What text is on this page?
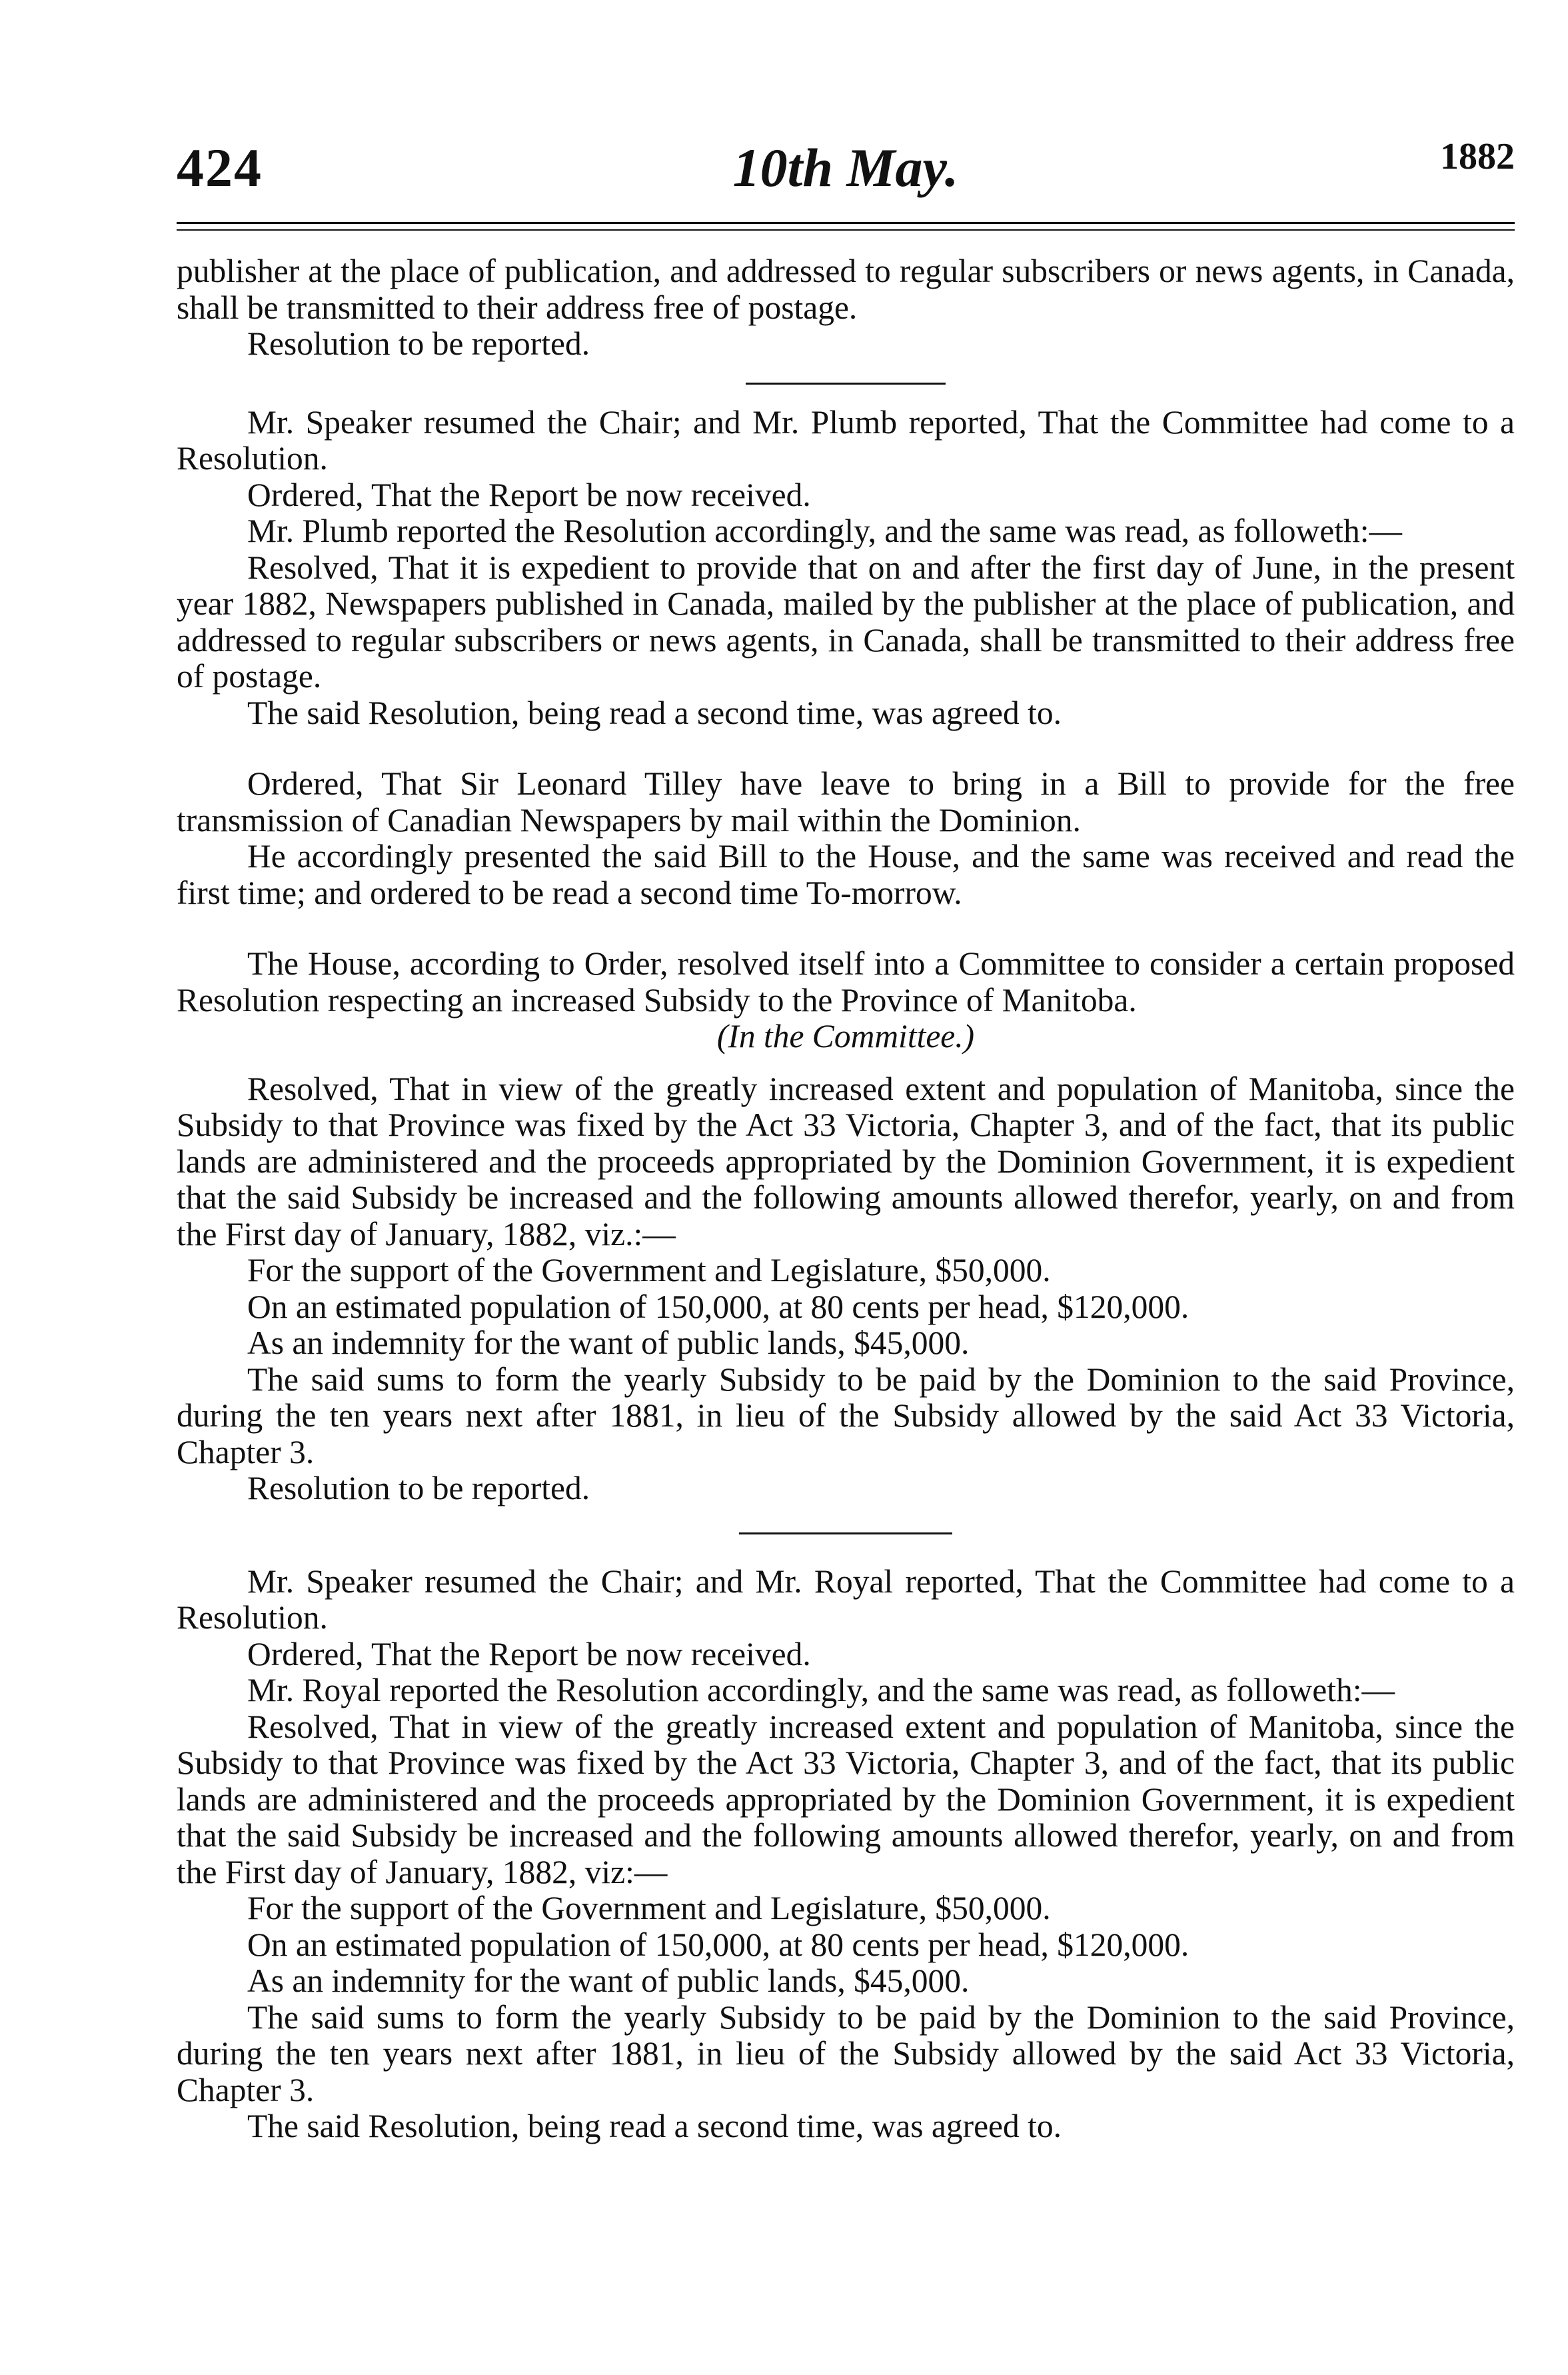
424	10th May.	1882

publisher at the place of publication, and addressed to regular subscribers or news agents, in Canada, shall be transmitted to their address free of postage.

Resolution to be reported.

Mr. Speaker resumed the Chair; and Mr. Plumb reported, That the Committee had come to a Resolution.

Ordered, That the Report be now received.

Mr. Plumb reported the Resolution accordingly, and the same was read, as followeth:—

Resolved, That it is expedient to provide that on and after the first day of June, in the present year 1882, Newspapers published in Canada, mailed by the publisher at the place of publication, and addressed to regular subscribers or news agents, in Canada, shall be transmitted to their address free of postage.

The said Resolution, being read a second time, was agreed to.

Ordered, That Sir Leonard Tilley have leave to bring in a Bill to provide for the free transmission of Canadian Newspapers by mail within the Dominion.

He accordingly presented the said Bill to the House, and the same was received and read the first time; and ordered to be read a second time To-morrow.

The House, according to Order, resolved itself into a Committee to consider a certain proposed Resolution respecting an increased Subsidy to the Province of Manitoba.

(In the Committee.)

Resolved, That in view of the greatly increased extent and population of Manitoba, since the Subsidy to that Province was fixed by the Act 33 Victoria, Chapter 3, and of the fact, that its public lands are administered and the proceeds appropriated by the Dominion Government, it is expedient that the said Subsidy be increased and the following amounts allowed therefor, yearly, on and from the First day of January, 1882, viz.:—

For the support of the Government and Legislature, $50,000.

On an estimated population of 150,000, at 80 cents per head, $120,000.

As an indemnity for the want of public lands, $45,000.

The said sums to form the yearly Subsidy to be paid by the Dominion to the said Province, during the ten years next after 1881, in lieu of the Subsidy allowed by the said Act 33 Victoria, Chapter 3.

Resolution to be reported.

Mr. Speaker resumed the Chair; and Mr. Royal reported, That the Committee had come to a Resolution.

Ordered, That the Report be now received.

Mr. Royal reported the Resolution accordingly, and the same was read, as followeth:—

Resolved, That in view of the greatly increased extent and population of Manitoba, since the Subsidy to that Province was fixed by the Act 33 Victoria, Chapter 3, and of the fact, that its public lands are administered and the proceeds appropriated by the Dominion Government, it is expedient that the said Subsidy be increased and the following amounts allowed therefor, yearly, on and from the First day of January, 1882, viz:—

For the support of the Government and Legislature, $50,000.

On an estimated population of 150,000, at 80 cents per head, $120,000.

As an indemnity for the want of public lands, $45,000.

The said sums to form the yearly Subsidy to be paid by the Dominion to the said Province, during the ten years next after 1881, in lieu of the Subsidy allowed by the said Act 33 Victoria, Chapter 3.

The said Resolution, being read a second time, was agreed to.
